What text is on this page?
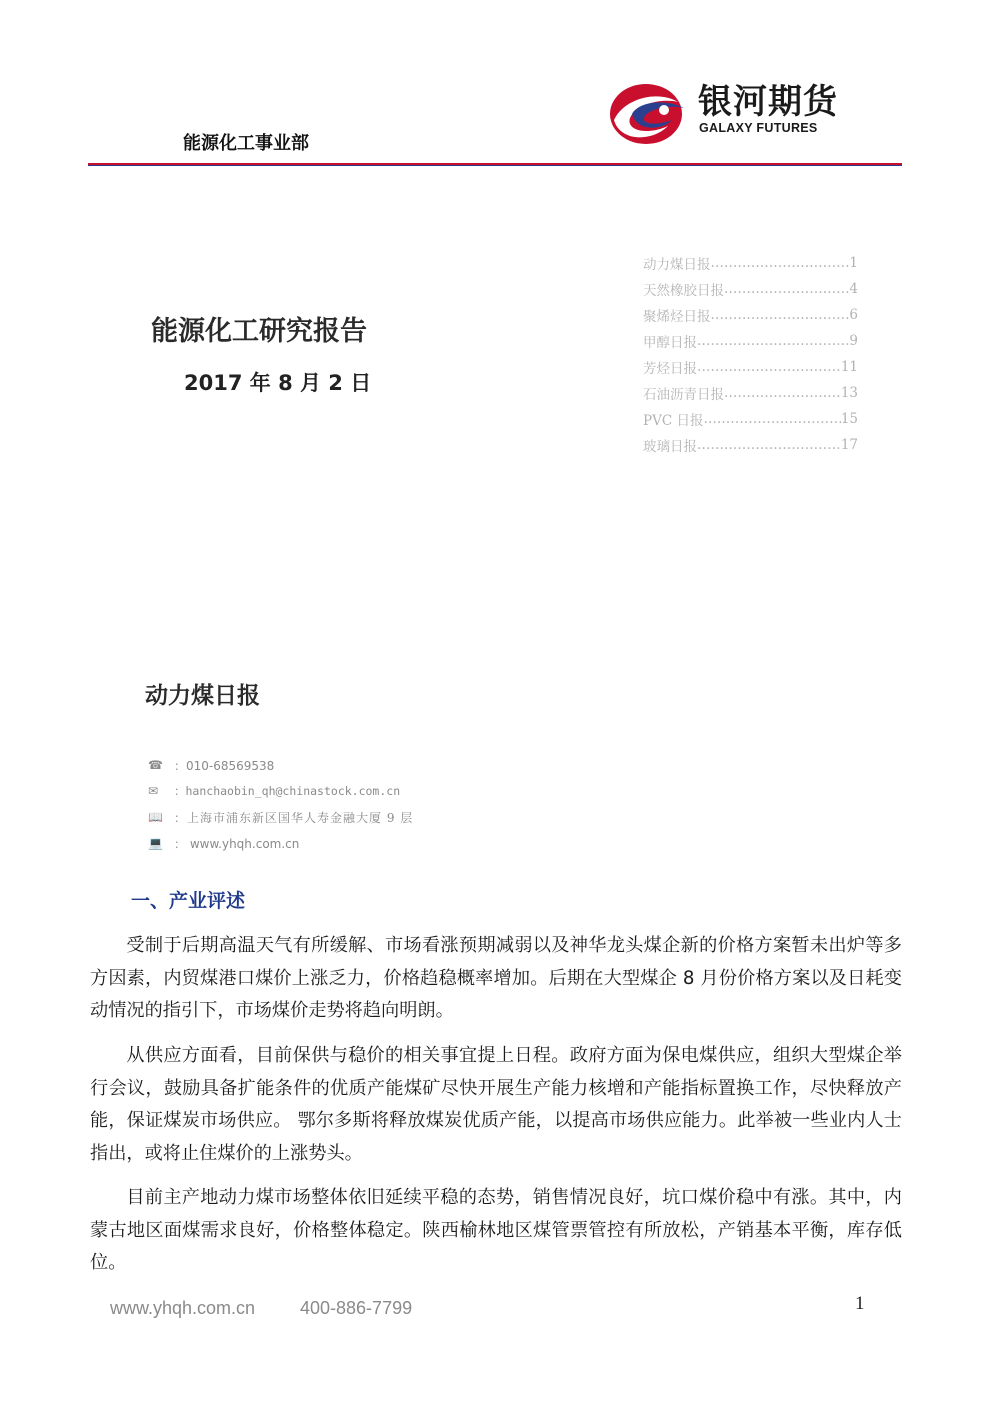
能源化工事业部
银河期货
GALAXY FUTURES
能源化工研究报告
2017 年 8 月 2 日
动力煤日报 .....	1
天然橡胶日报 .....	4
聚烯烃日报 .....	6
甲醇日报 .....	9
芳烃日报 .....	11
石油沥青日报 .....	13
PVC 日报 .....	15
玻璃日报 .....	17
动力煤日报
☎ ：010-68569538
✉	：hanchaobin_qh@chinastock.com.cn
📖 ：上海市浦东新区国华人寿金融大厦 9 层
💻 ： www.yhqh.com.cn
一、产业评述

受制于后期高温天气有所缓解、市场看涨预期减弱以及神华龙头煤企新的价格方案暂未出炉等多方因素，内贸煤港口煤价上涨乏力，价格趋稳概率增加。后期在大型煤企 8 月份价格方案以及日耗变动情况的指引下，市场煤价走势将趋向明朗。

从供应方面看，目前保供与稳价的相关事宜提上日程。政府方面为保电煤供应，组织大型煤企举行会议，鼓励具备扩能条件的优质产能煤矿尽快开展生产能力核增和产能指标置换工作，尽快释放产能，保证煤炭市场供应。 鄂尔多斯将释放煤炭优质产能，以提高市场供应能力。此举被一些业内人士指出，或将止住煤价的上涨势头。

目前主产地动力煤市场整体依旧延续平稳的态势，销售情况良好，坑口煤价稳中有涨。其中，内蒙古地区面煤需求良好，价格整体稳定。陕西榆林地区煤管票管控有所放松，产销基本平衡，库存低位。

www.yhqh.com.cn 400-886-7799	1
